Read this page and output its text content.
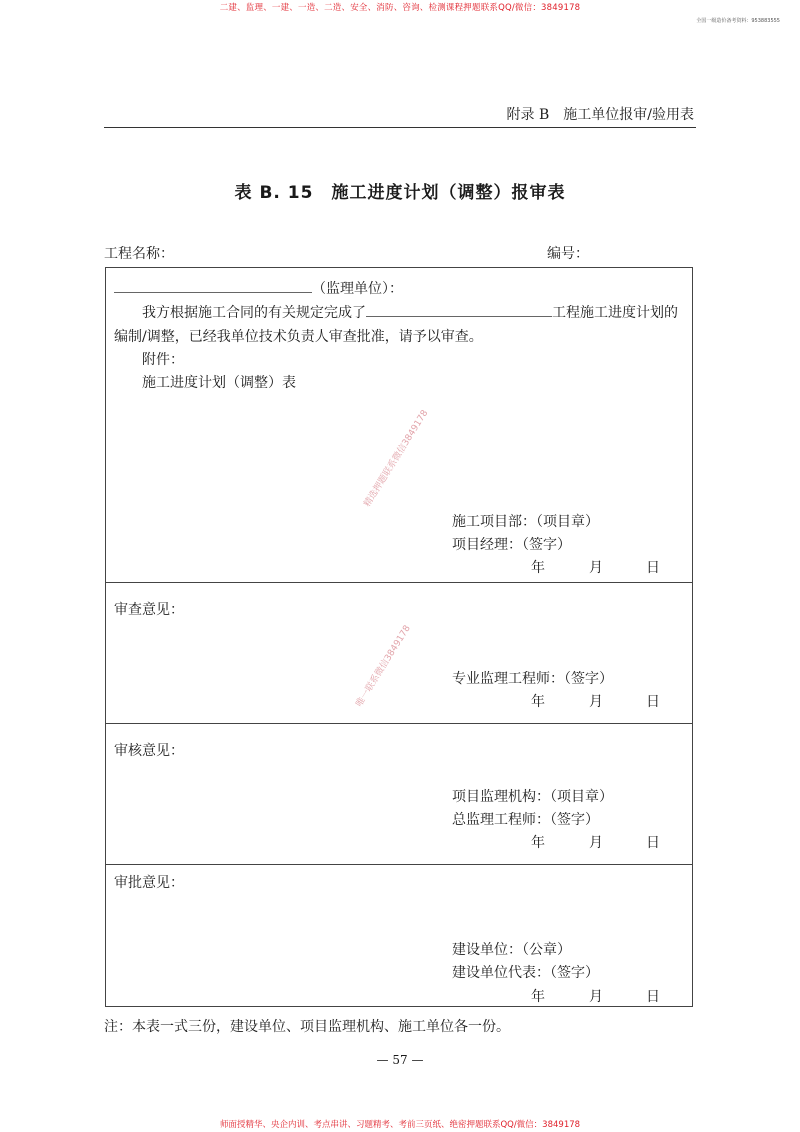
二建、监理、一建、一造、二造、安全、消防、咨询、检测课程押题联系QQ/微信：3849178
全国一级造价备考资料：953883555
附录 B　施工单位报审/验用表
表 B. 15　施工进度计划（调整）报审表
工程名称：	编号：
（监理单位）：
我方根据施工合同的有关规定完成了	工程施工进度计划的
编制/调整，已经我单位技术负责人审查批准，请予以审查。
附件：
施工进度计划（调整）表
精选押题联系微信3849178
施工项目部：（项目章）
项目经理：（签字）
年	月	日
审查意见：
唯一联系微信3849178	专业监理工程师：（签字）
年	月	日
审核意见：
项目监理机构：（项目章）
总监理工程师：（签字）
年	月	日
审批意见：
建设单位：（公章）
建设单位代表：（签字）
年	月	日
注：本表一式三份，建设单位、项目监理机构、施工单位各一份。
— 57 —
师面授精华、央企内训、考点串讲、习题精考、考前三页纸、绝密押题联系QQ/微信：3849178
